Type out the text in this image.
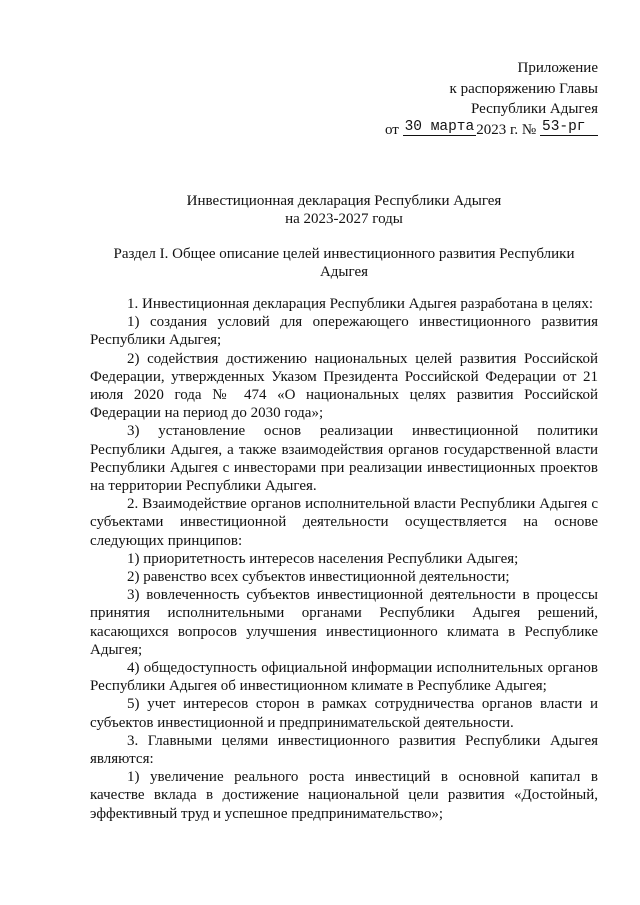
Приложение
к распоряжению Главы
Республики Адыгея
от 30 марта 2023 г. № 53-рг
Инвестиционная декларация Республики Адыгея
на 2023-2027 годы
Раздел I. Общее описание целей инвестиционного развития Республики Адыгея

1. Инвестиционная декларация Республики Адыгея разработана в целях:

1) создания условий для опережающего инвестиционного развития Республики Адыгея;

2) содействия достижению национальных целей развития Российской Федерации, утвержденных Указом Президента Российской Федерации от 21 июля 2020 года № 474 «О национальных целях развития Российской Федерации на период до 2030 года»;

3) установление основ реализации инвестиционной политики Республики Адыгея, а также взаимодействия органов государственной власти Республики Адыгея с инвесторами при реализации инвестиционных проектов на территории Республики Адыгея.

2. Взаимодействие органов исполнительной власти Республики Адыгея с субъектами инвестиционной деятельности осуществляется на основе следующих принципов:

1) приоритетность интересов населения Республики Адыгея;

2) равенство всех субъектов инвестиционной деятельности;

3) вовлеченность субъектов инвестиционной деятельности в процессы принятия исполнительными органами Республики Адыгея решений, касающихся вопросов улучшения инвестиционного климата в Республике Адыгея;

4) общедоступность официальной информации исполнительных органов Республики Адыгея об инвестиционном климате в Республике Адыгея;

5) учет интересов сторон в рамках сотрудничества органов власти и субъектов инвестиционной и предпринимательской деятельности.

3. Главными целями инвестиционного развития Республики Адыгея являются:

1) увеличение реального роста инвестиций в основной капитал в качестве вклада в достижение национальной цели развития «Достойный, эффективный труд и успешное предпринимательство»;
